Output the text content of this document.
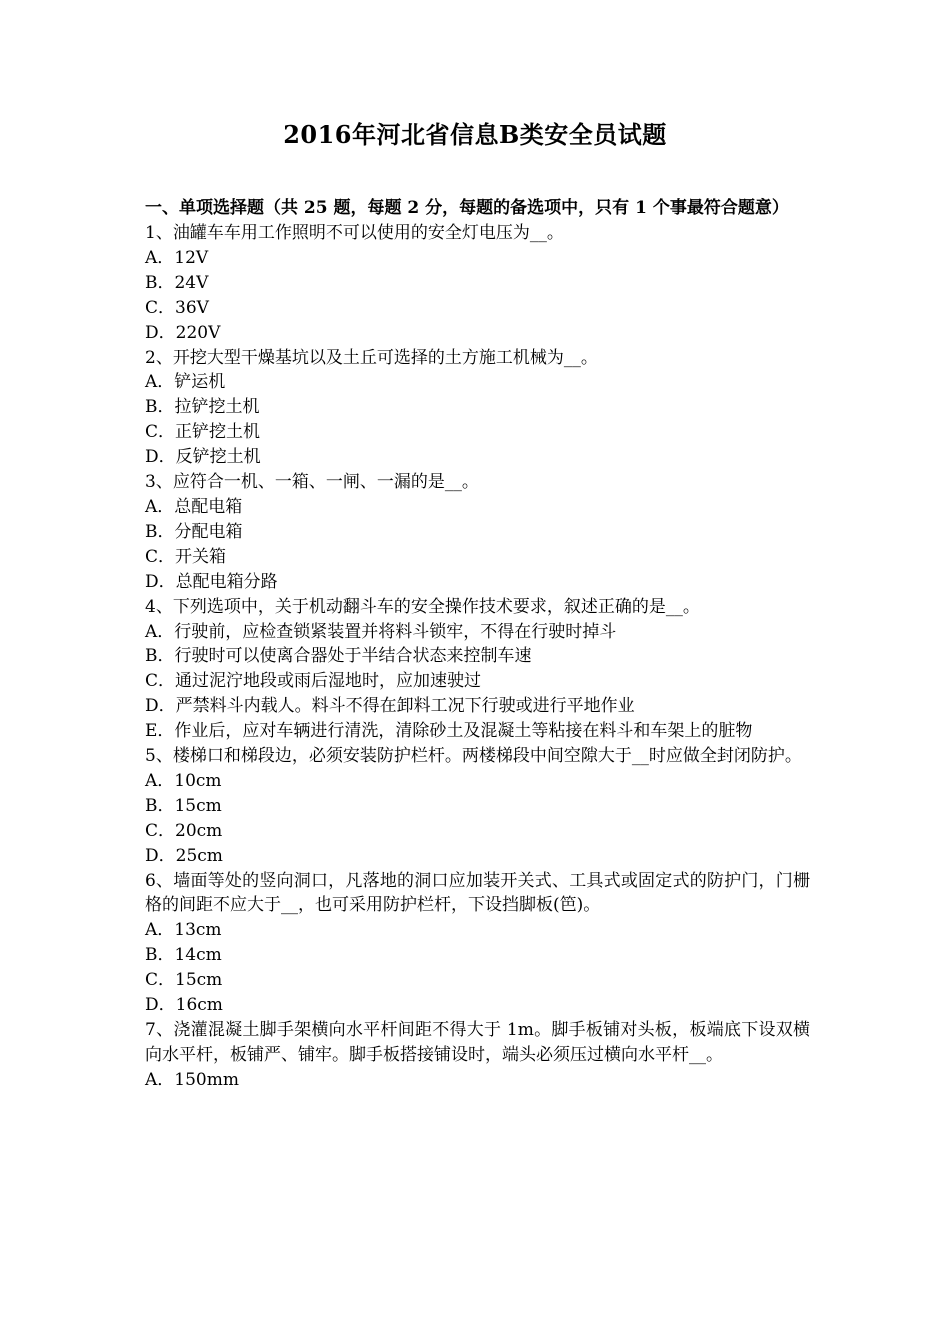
2016年河北省信息B类安全员试题

一、单项选择题（共 25 题，每题 2 分，每题的备选项中，只有 1 个事最符合题意）

1、油罐车车用工作照明不可以使用的安全灯电压为__。

A．12V

B．24V

C．36V

D．220V

2、开挖大型干燥基坑以及土丘可选择的土方施工机械为__。

A．铲运机

B．拉铲挖土机

C．正铲挖土机

D．反铲挖土机

3、应符合一机、一箱、一闸、一漏的是__。

A．总配电箱

B．分配电箱

C．开关箱

D．总配电箱分路

4、下列选项中，关于机动翻斗车的安全操作技术要求，叙述正确的是__。

A．行驶前，应检查锁紧装置并将料斗锁牢，不得在行驶时掉斗

B．行驶时可以使离合器处于半结合状态来控制车速

C．通过泥泞地段或雨后湿地时，应加速驶过

D．严禁料斗内载人。料斗不得在卸料工况下行驶或进行平地作业

E．作业后，应对车辆进行清洗，清除砂土及混凝土等粘接在料斗和车架上的脏物

5、楼梯口和梯段边，必须安装防护栏杆。两楼梯段中间空隙大于__时应做全封闭防护。

A．10cm

B．15cm

C．20cm

D．25cm

6、墙面等处的竖向洞口，凡落地的洞口应加装开关式、工具式或固定式的防护门，门栅格的间距不应大于__，也可采用防护栏杆，下设挡脚板(笆)。

A．13cm

B．14cm

C．15cm

D．16cm

7、浇灌混凝土脚手架横向水平杆间距不得大于 1m。脚手板铺对头板，板端底下设双横向水平杆，板铺严、铺牢。脚手板搭接铺设时，端头必须压过横向水平杆__。

A．150mm
